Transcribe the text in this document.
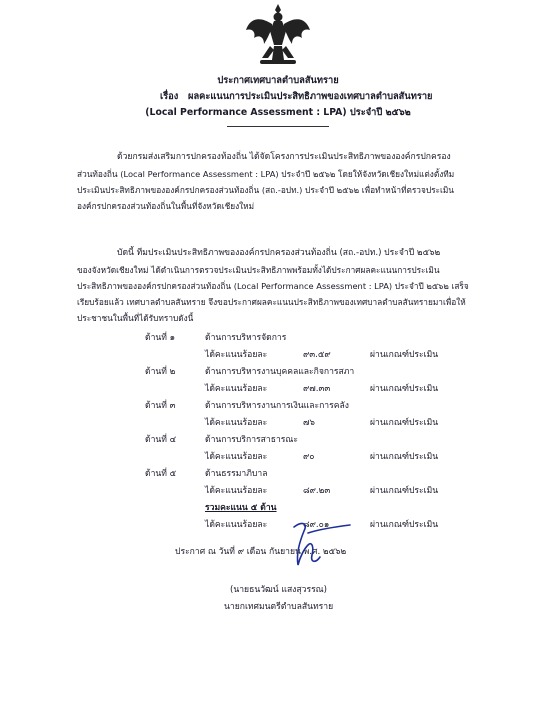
ประกาศเทศบาลตำบลสันทราย
เรื่อง ผลคะแนนการประเมินประสิทธิภาพของเทศบาลตำบลสันทราย
(Local Performance Assessment : LPA) ประจำปี ๒๕๖๒
ด้วยกรมส่งเสริมการปกครองท้องถิ่น ได้จัดโครงการประเมินประสิทธิภาพขององค์กรปกครอง
ส่วนท้องถิ่น (Local Performance Assessment : LPA) ประจำปี ๒๕๖๒ โดยให้จังหวัดเชียงใหม่แต่งตั้งทีม
ประเมินประสิทธิภาพขององค์กรปกครองส่วนท้องถิ่น (สถ.-อปท.) ประจำปี ๒๕๖๒ เพื่อทำหน้าที่ตรวจประเมิน
องค์กรปกครองส่วนท้องถิ่นในพื้นที่จังหวัดเชียงใหม่
บัดนี้ ทีมประเมินประสิทธิภาพขององค์กรปกครองส่วนท้องถิ่น (สถ.-อปท.) ประจำปี ๒๕๖๒
ของจังหวัดเชียงใหม่ ได้ดำเนินการตรวจประเมินประสิทธิภาพพร้อมทั้งได้ประกาศผลคะแนนการประเมิน
ประสิทธิภาพขององค์กรปกครองส่วนท้องถิ่น (Local Performance Assessment : LPA) ประจำปี ๒๕๖๒ เสร็จ
เรียบร้อยแล้ว เทศบาลตำบลสันทราย จึงขอประกาศผลคะแนนประสิทธิภาพของเทศบาลตำบลสันทรายมาเพื่อให้
ประชาชนในพื้นที่ได้รับทราบดังนี้
ด้านที่ ๑	ด้านการบริหารจัดการ
ได้คะแนนร้อยละ	๙๓.๕๙	ผ่านเกณฑ์ประเมิน
ด้านที่ ๒	ด้านการบริหารงานบุคคลและกิจการสภา
ได้คะแนนร้อยละ	๙๗.๓๓	ผ่านเกณฑ์ประเมิน
ด้านที่ ๓	ด้านการบริหารงานการเงินและการคลัง
ได้คะแนนร้อยละ	๗๖	ผ่านเกณฑ์ประเมิน
ด้านที่ ๔	ด้านการบริการสาธารณะ
ได้คะแนนร้อยละ	๙๐	ผ่านเกณฑ์ประเมิน
ด้านที่ ๕	ด้านธรรมาภิบาล
ได้คะแนนร้อยละ	๘๙.๒๓	ผ่านเกณฑ์ประเมิน
รวมคะแนน ๕ ด้าน
ได้คะแนนร้อยละ	๘๙.๐๑	ผ่านเกณฑ์ประเมิน
ประกาศ ณ วันที่ ๙ เดือน กันยายน พ.ศ. ๒๕๖๒
(นายธนวัฒน์ แสงสุวรรณ)
นายกเทศมนตรีตำบลสันทราย
